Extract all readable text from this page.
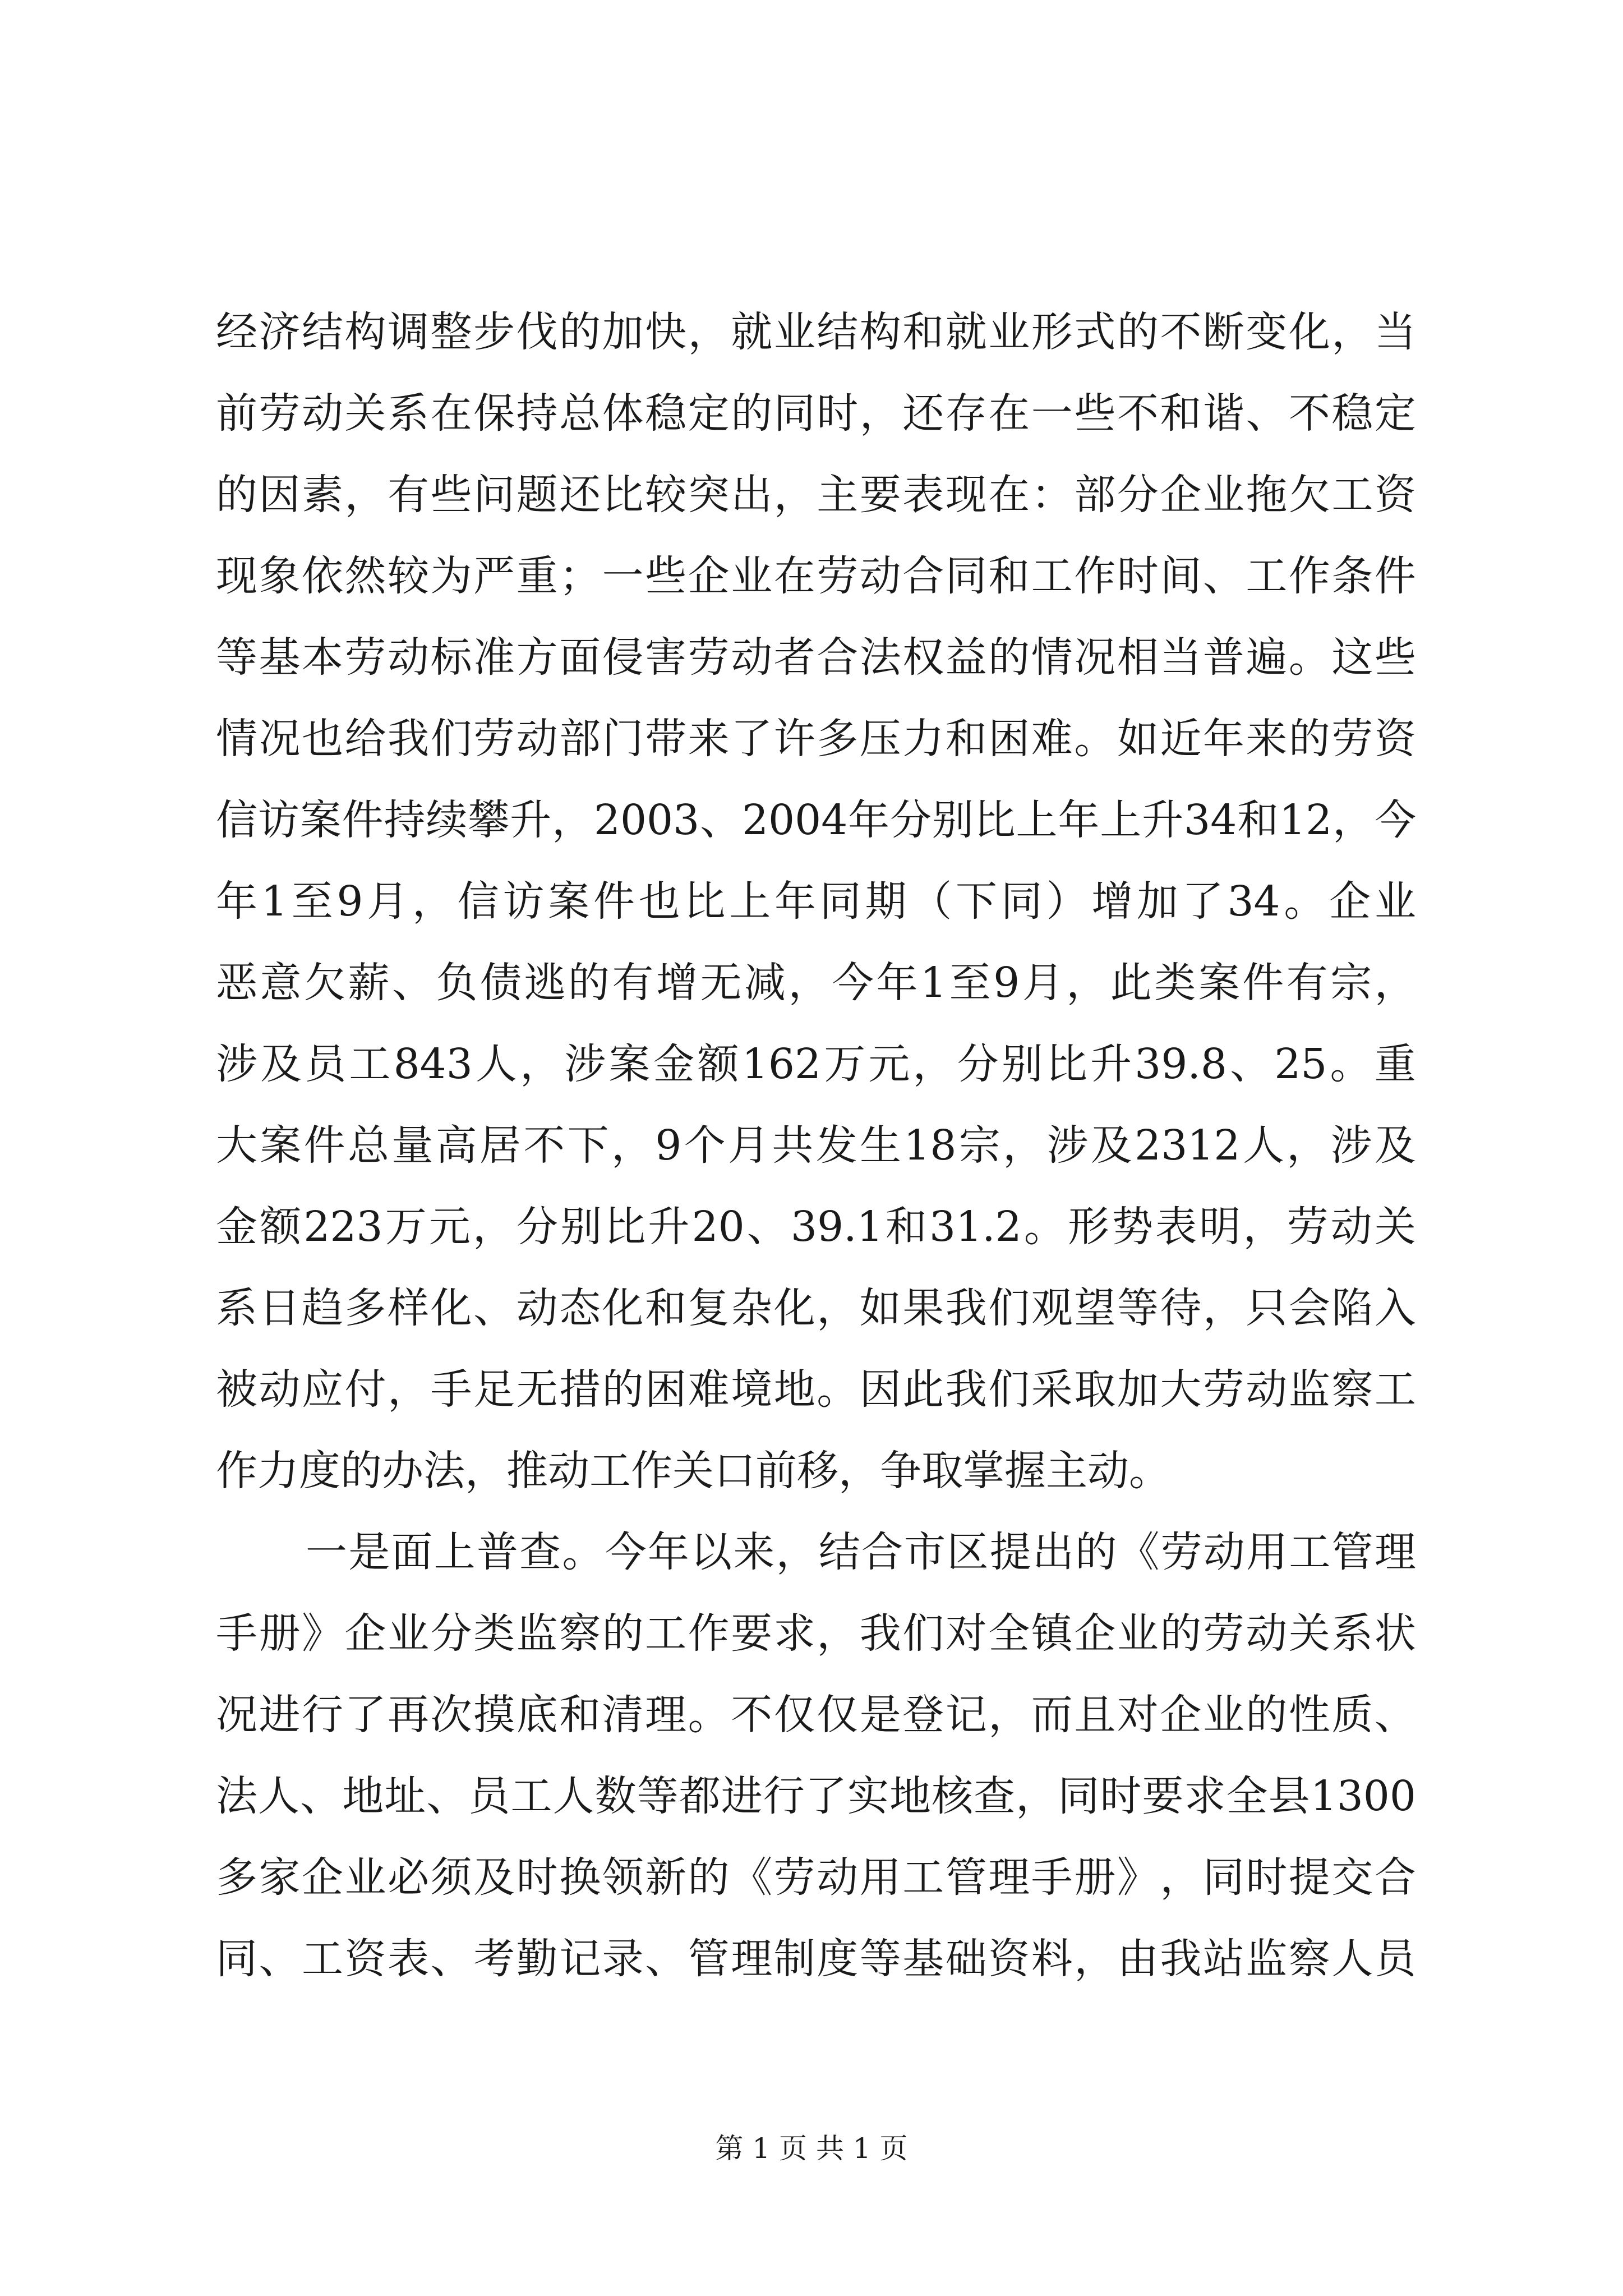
经 济 结 构 调 整 步 伐 的 加 快 ， 就 业 结 构 和 就 业 形 式 的 不 断 变 化 ， 当
前 劳 动 关 系 在 保 持 总 体 稳 定 的 同 时 ， 还 存 在 一 些 不 和 谐 、 不 稳 定
的 因 素 ， 有 些 问 题 还 比 较 突 出 ， 主 要 表 现 在 ： 部 分 企 业 拖 欠 工 资
现 象 依 然 较 为 严 重 ； 一 些 企 业 在 劳 动 合 同 和 工 作 时 间 、 工 作 条 件
等 基 本 劳 动 标 准 方 面 侵 害 劳 动 者 合 法 权 益 的 情 况 相 当 普 遍 。 这 些
情 况 也 给 我 们 劳 动 部 门 带 来 了 许 多 压 力 和 困 难 。 如 近 年 来 的 劳 资
信 访 案 件 持 续 攀 升 ， 2003 、 2004 年 分 别 比 上 年 上 升 34 和 12 ， 今
年 1 至 9 月 ， 信 访 案 件 也 比 上 年 同 期 （ 下 同 ） 增 加 了 34 。 企 业
恶 意 欠 薪 、 负 债 逃 的 有 增 无 减 ， 今 年 1 至 9 月 ， 此 类 案 件 有 宗 ，
涉 及 员 工 843 人 ， 涉 案 金 额 162 万 元 ， 分 别 比 升 39.8 、 25 。 重
大 案 件 总 量 高 居 不 下 ， 9 个 月 共 发 生 18 宗 ， 涉 及 2312 人 ， 涉 及
金 额 223 万 元 ， 分 别 比 升 20 、 39.1 和 31.2 。 形 势 表 明 ， 劳 动 关
系 日 趋 多 样 化 、 动 态 化 和 复 杂 化 ， 如 果 我 们 观 望 等 待 ， 只 会 陷 入
被 动 应 付 ， 手 足 无 措 的 困 难 境 地 。 因 此 我 们 采 取 加 大 劳 动 监 察 工
作力度的办法，推动工作关口前移，争取掌握主动。
一 是 面 上 普 查 。 今 年 以 来 ， 结 合 市 区 提 出 的 《 劳 动 用 工 管 理
手 册 》 企 业 分 类 监 察 的 工 作 要 求 ， 我 们 对 全 镇 企 业 的 劳 动 关 系 状
况 进 行 了 再 次 摸 底 和 清 理 。 不 仅 仅 是 登 记 ， 而 且 对 企 业 的 性 质 、
法 人 、 地 址 、 员 工 人 数 等 都 进 行 了 实 地 核 查 ， 同 时 要 求 全 县 1300
多 家 企 业 必 须 及 时 换 领 新 的 《 劳 动 用 工 管 理 手 册 》 ， 同 时 提 交 合
同 、 工 资 表 、 考 勤 记 录 、 管 理 制 度 等 基 础 资 料 ， 由 我 站 监 察 人 员
第 1 页 共 1 页
